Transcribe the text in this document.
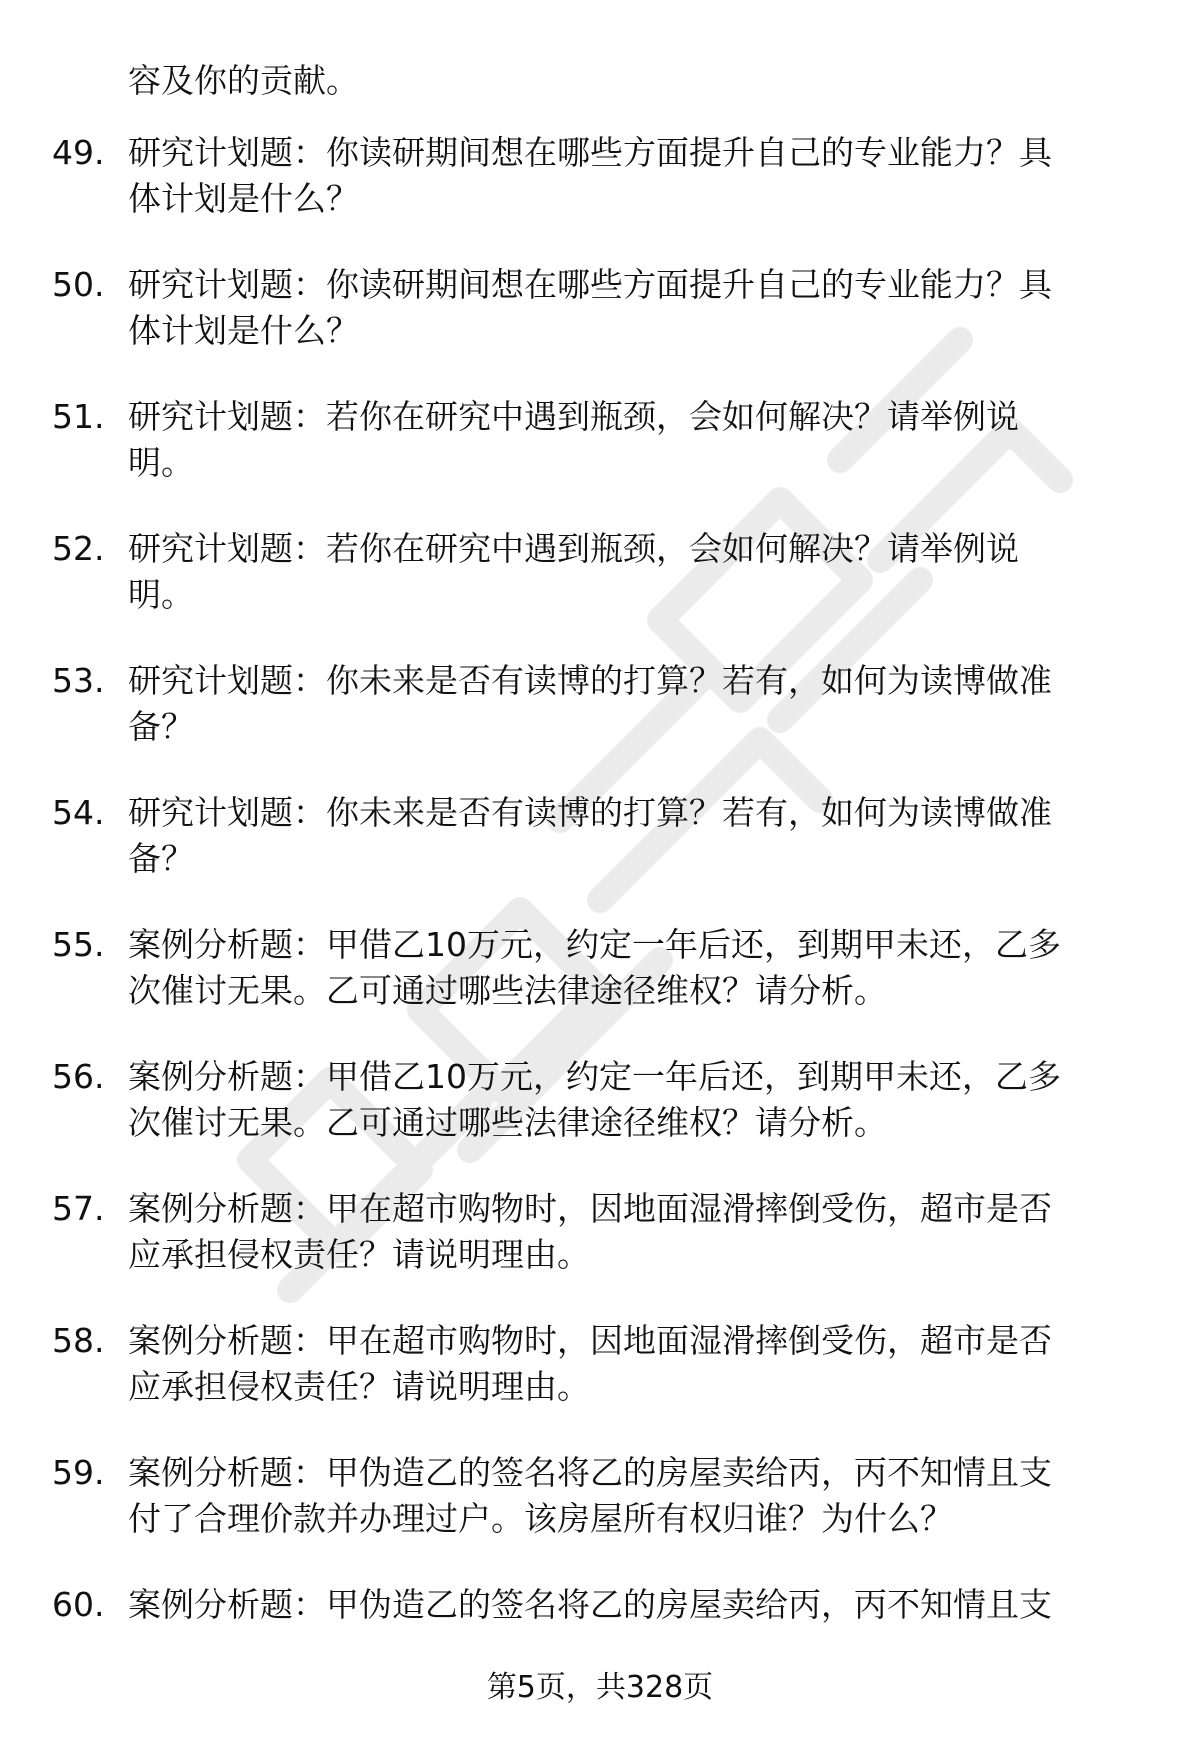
容及你的贡献。
49. 研究计划题：你读研期间想在哪些方面提升自己的专业能力？具
体计划是什么？
50. 研究计划题：你读研期间想在哪些方面提升自己的专业能力？具
体计划是什么？
51. 研究计划题：若你在研究中遇到瓶颈，会如何解决？请举例说
明。
52. 研究计划题：若你在研究中遇到瓶颈，会如何解决？请举例说
明。
53. 研究计划题：你未来是否有读博的打算？若有，如何为读博做准
备？
54. 研究计划题：你未来是否有读博的打算？若有，如何为读博做准
备？
55. 案例分析题：甲借乙10万元，约定一年后还，到期甲未还，乙多
次催讨无果。乙可通过哪些法律途径维权？请分析。
56. 案例分析题：甲借乙10万元，约定一年后还，到期甲未还，乙多
次催讨无果。乙可通过哪些法律途径维权？请分析。
57. 案例分析题：甲在超市购物时，因地面湿滑摔倒受伤，超市是否
应承担侵权责任？请说明理由。
58. 案例分析题：甲在超市购物时，因地面湿滑摔倒受伤，超市是否
应承担侵权责任？请说明理由。
59. 案例分析题：甲伪造乙的签名将乙的房屋卖给丙，丙不知情且支
付了合理价款并办理过户。该房屋所有权归谁？为什么？
60. 案例分析题：甲伪造乙的签名将乙的房屋卖给丙，丙不知情且支
第5页，共328页
